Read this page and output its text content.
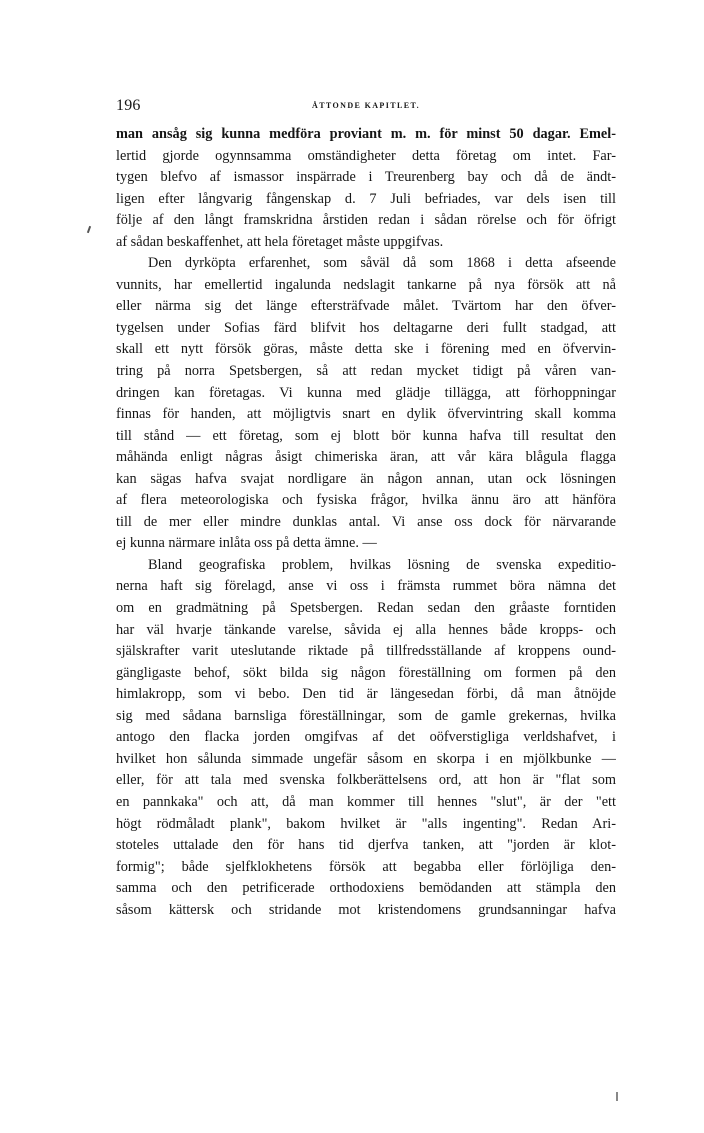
196	ÅTTONDE KAPITLET.
man ansåg sig kunna medföra proviant m. m. för minst 50 dagar. Emel-
lertid gjorde ogynnsamma omständigheter detta företag om intet. Far-
tygen blefvo af ismassor inspärrade i Treurenberg bay och då de ändt-
ligen efter långvarig fångenskap d. 7 Juli befriades, var dels isen till
följe af den långt framskridna årstiden redan i sådan rörelse och för öfrigt
af sådan beskaffenhet, att hela företaget måste uppgifvas.
Den dyrköpta erfarenhet, som såväl då som 1868 i detta afseende
vunnits, har emellertid ingalunda nedslagit tankarne på nya försök att nå
eller närma sig det länge eftersträfvade målet. Tvärtom har den öfver-
tygelsen under Sofias färd blifvit hos deltagarne deri fullt stadgad, att
skall ett nytt försök göras, måste detta ske i förening med en öfvervin-
tring på norra Spetsbergen, så att redan mycket tidigt på våren van-
dringen kan företagas. Vi kunna med glädje tillägga, att förhoppningar
finnas för handen, att möjligtvis snart en dylik öfvervintring skall komma
till stånd — ett företag, som ej blott bör kunna hafva till resultat den
måhända enligt någras åsigt chimeriska äran, att vår kära blågula flagga
kan sägas hafva svajat nordligare än någon annan, utan ock lösningen
af flera meteorologiska och fysiska frågor, hvilka ännu äro att hänföra
till de mer eller mindre dunklas antal. Vi anse oss dock för närvarande
ej kunna närmare inlåta oss på detta ämne. —
Bland geografiska problem, hvilkas lösning de svenska expeditio-
nerna haft sig förelagd, anse vi oss i främsta rummet böra nämna det
om en gradmätning på Spetsbergen. Redan sedan den gråaste forntiden
har väl hvarje tänkande varelse, såvida ej alla hennes både kropps- och
själskrafter varit uteslutande riktade på tillfredsställande af kroppens ound-
gängligaste behof, sökt bilda sig någon föreställning om formen på den
himlakropp, som vi bebo. Den tid är längesedan förbi, då man åtnöjde
sig med sådana barnsliga föreställningar, som de gamle grekernas, hvilka
antogo den flacka jorden omgifvas af det oöfverstigliga verldshafvet, i
hvilket hon sålunda simmade ungefär såsom en skorpa i en mjölkbunke —
eller, för att tala med svenska folkberättelsens ord, att hon är "flat som
en pannkaka" och att, då man kommer till hennes "slut", är der "ett
högt rödmåladt plank", bakom hvilket är "alls ingenting". Redan Ari-
stoteles uttalade den för hans tid djerfva tanken, att "jorden är klot-
formig"; både sjelfklokhetens försök att begabba eller förlöjliga den-
samma och den petrificerade orthodoxiens bemödanden att stämpla den
såsom kättersk och stridande mot kristendomens grundsanningar hafva
